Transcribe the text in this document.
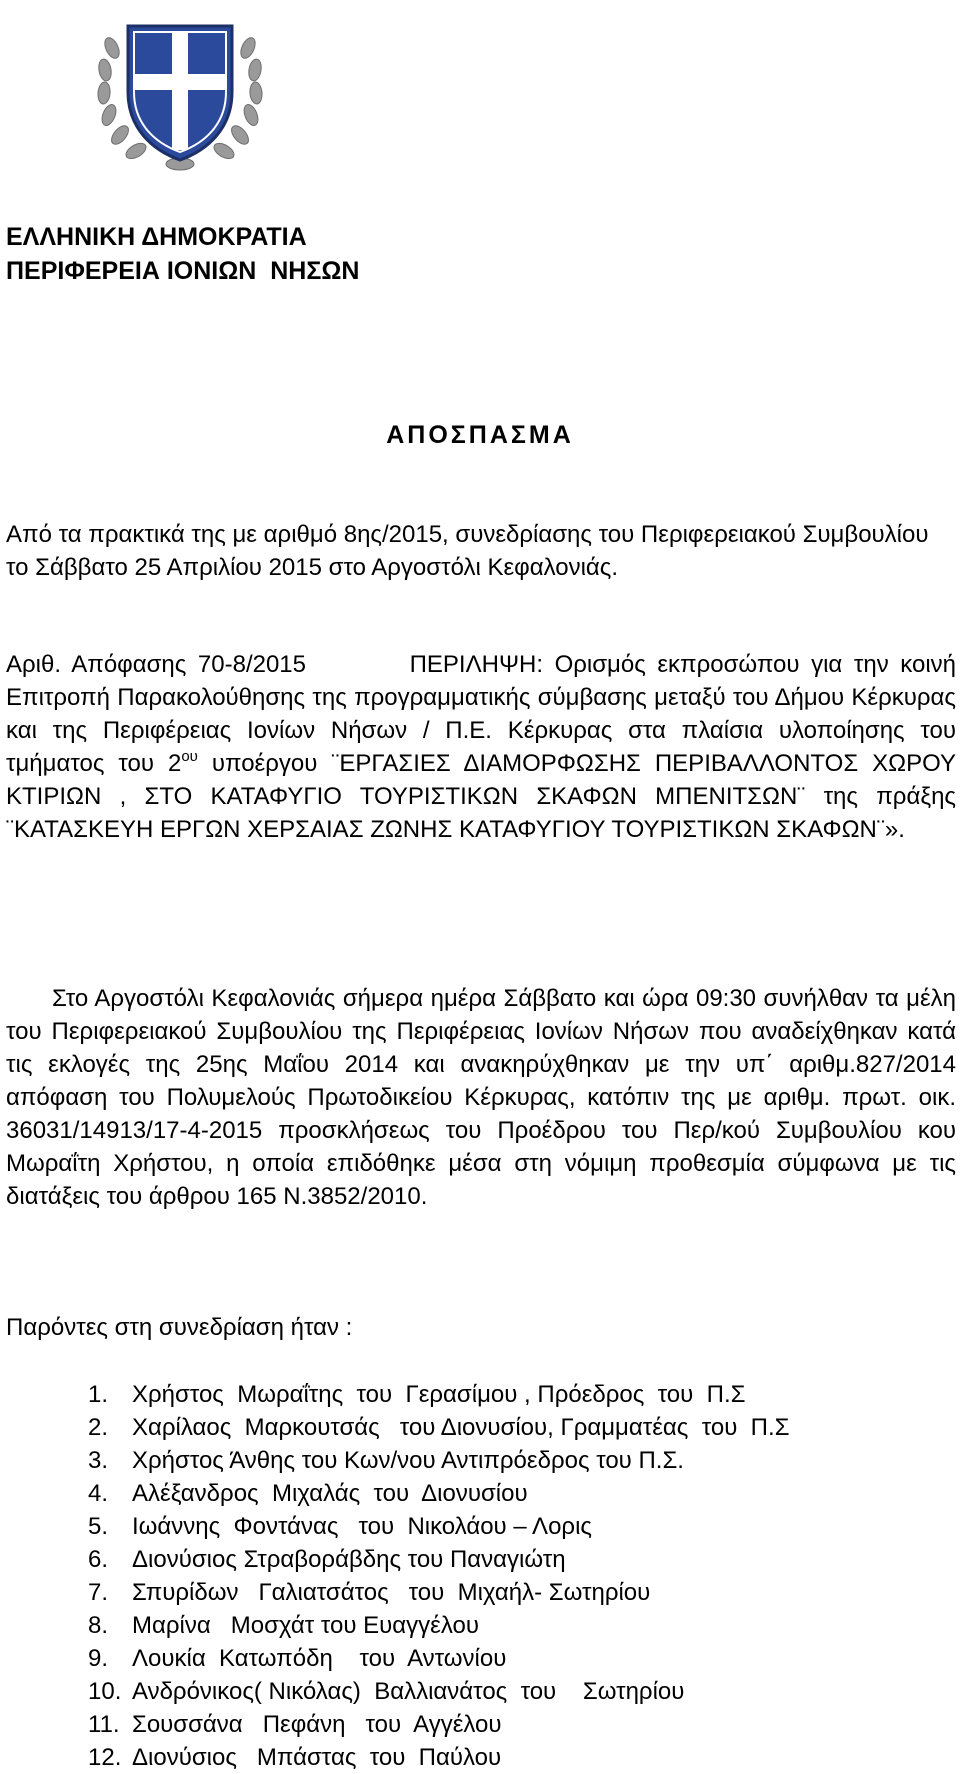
ΕΛΛΗΝΙΚΗ ΔΗΜΟΚΡΑΤΙΑ
ΠΕΡΙΦΕΡΕΙΑ ΙΟΝΙΩΝ  ΝΗΣΩΝ
ΑΠΟΣΠΑΣΜΑ
Από τα πρακτικά της με αριθμό 8ης/2015, συνεδρίασης του Περιφερειακού Συμβουλίου το Σάββατο 25 Απριλίου 2015 στο Αργοστόλι Κεφαλονιάς.
Αριθ. Απόφασης 70-8/2015	ΠΕΡΙΛΗΨΗ: Ορισμός εκπροσώπου για την κοινή Επιτροπή Παρακολούθησης της προγραμματικής σύμβασης μεταξύ του Δήμου Κέρκυρας και της Περιφέρειας Ιονίων Νήσων / Π.Ε. Κέρκυρας στα πλαίσια υλοποίησης του τμήματος του $2^{o\upsilon}$ υποέργου ¨ΕΡΓΑΣΙΕΣ ΔΙΑΜΟΡΦΩΣΗΣ ΠΕΡΙΒΑΛΛΟΝΤΟΣ ΧΩΡΟΥ ΚΤΙΡΙΩΝ , ΣΤΟ ΚΑΤΑΦΥΓΙΟ ΤΟΥΡΙΣΤΙΚΩΝ ΣΚΑΦΩΝ ΜΠΕΝΙΤΣΩΝ¨ της πράξης ¨ΚΑΤΑΣΚΕΥΗ ΕΡΓΩΝ ΧΕΡΣΑΙΑΣ ΖΩΝΗΣ ΚΑΤΑΦΥΓΙΟΥ ΤΟΥΡΙΣΤΙΚΩΝ ΣΚΑΦΩΝ¨».
Στο Αργοστόλι Κεφαλονιάς σήμερα ημέρα Σάββατο και ώρα 09:30 συνήλθαν τα μέλη του Περιφερειακού Συμβουλίου της Περιφέρειας Ιονίων Νήσων που αναδείχθηκαν κατά τις εκλογές της 25ης Μαΐου 2014 και ανακηρύχθηκαν με την υπ΄ αριθμ.827/2014 απόφαση του Πολυμελούς Πρωτοδικείου Κέρκυρας, κατόπιν της με αριθμ. πρωτ. οικ. 36031/14913/17-4-2015 προσκλήσεως του Προέδρου του Περ/κού Συμβουλίου κου Μωραΐτη Χρήστου, η οποία επιδόθηκε μέσα στη νόμιμη προθεσμία σύμφωνα με τις διατάξεις του άρθρου 165 Ν.3852/2010.
Παρόντες στη συνεδρίαση ήταν :
1. Χρήστος  Μωραΐτης  του  Γερασίμου , Πρόεδρος  του  Π.Σ
2. Χαρίλαος  Μαρκουτσάς   του Διονυσίου, Γραμματέας  του  Π.Σ
3. Χρήστος Άνθης του Κων/νου Αντιπρόεδρος του Π.Σ.
4. Αλέξανδρος  Μιχαλάς  του  Διονυσίου
5. Ιωάννης  Φοντάνας   του  Νικολάου – Λορις
6. Διονύσιος Στραβοράβδης του Παναγιώτη
7. Σπυρίδων   Γαλιατσάτος   του  Μιχαήλ- Σωτηρίου
8. Μαρίνα   Μοσχάτ του Ευαγγέλου
9. Λουκία  Κατωπόδη    του  Αντωνίου
10. Ανδρόνικος( Νικόλας)  Βαλλιανάτος  του    Σωτηρίου
11. Σουσσάνα   Πεφάνη   του  Αγγέλου
12. Διονύσιος   Μπάστας  του  Παύλου
